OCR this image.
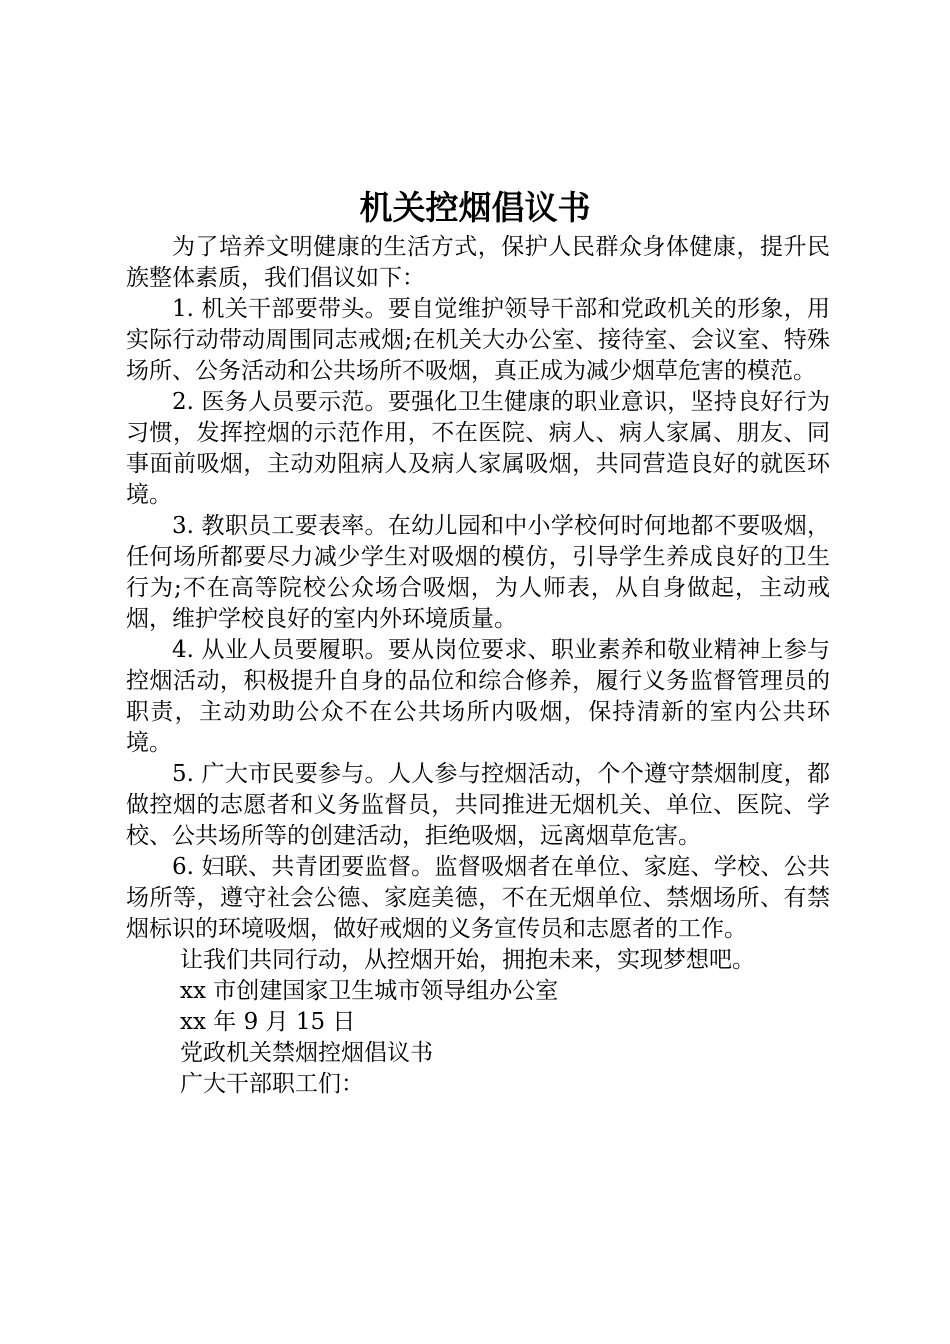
机关控烟倡议书

为了培养文明健康的生活方式，保护人民群众身体健康，提升民族整体素质，我们倡议如下：

1. 机关干部要带头。要自觉维护领导干部和党政机关的形象，用实际行动带动周围同志戒烟;在机关大办公室、接待室、会议室、特殊场所、公务活动和公共场所不吸烟，真正成为减少烟草危害的模范。

2. 医务人员要示范。要强化卫生健康的职业意识，坚持良好行为习惯，发挥控烟的示范作用，不在医院、病人、病人家属、朋友、同事面前吸烟，主动劝阻病人及病人家属吸烟，共同营造良好的就医环境。

3. 教职员工要表率。在幼儿园和中小学校何时何地都不要吸烟，任何场所都要尽力减少学生对吸烟的模仿，引导学生养成良好的卫生行为;不在高等院校公众场合吸烟，为人师表，从自身做起，主动戒烟，维护学校良好的室内外环境质量。

4. 从业人员要履职。要从岗位要求、职业素养和敬业精神上参与控烟活动，积极提升自身的品位和综合修养，履行义务监督管理员的职责，主动劝助公众不在公共场所内吸烟，保持清新的室内公共环境。

5. 广大市民要参与。人人参与控烟活动，个个遵守禁烟制度，都做控烟的志愿者和义务监督员，共同推进无烟机关、单位、医院、学校、公共场所等的创建活动，拒绝吸烟，远离烟草危害。

6. 妇联、共青团要监督。监督吸烟者在单位、家庭、学校、公共场所等，遵守社会公德、家庭美德，不在无烟单位、禁烟场所、有禁烟标识的环境吸烟，做好戒烟的义务宣传员和志愿者的工作。

让我们共同行动，从控烟开始，拥抱未来，实现梦想吧。

xx 市创建国家卫生城市领导组办公室

xx 年 9 月 15 日

党政机关禁烟控烟倡议书

广大干部职工们：
